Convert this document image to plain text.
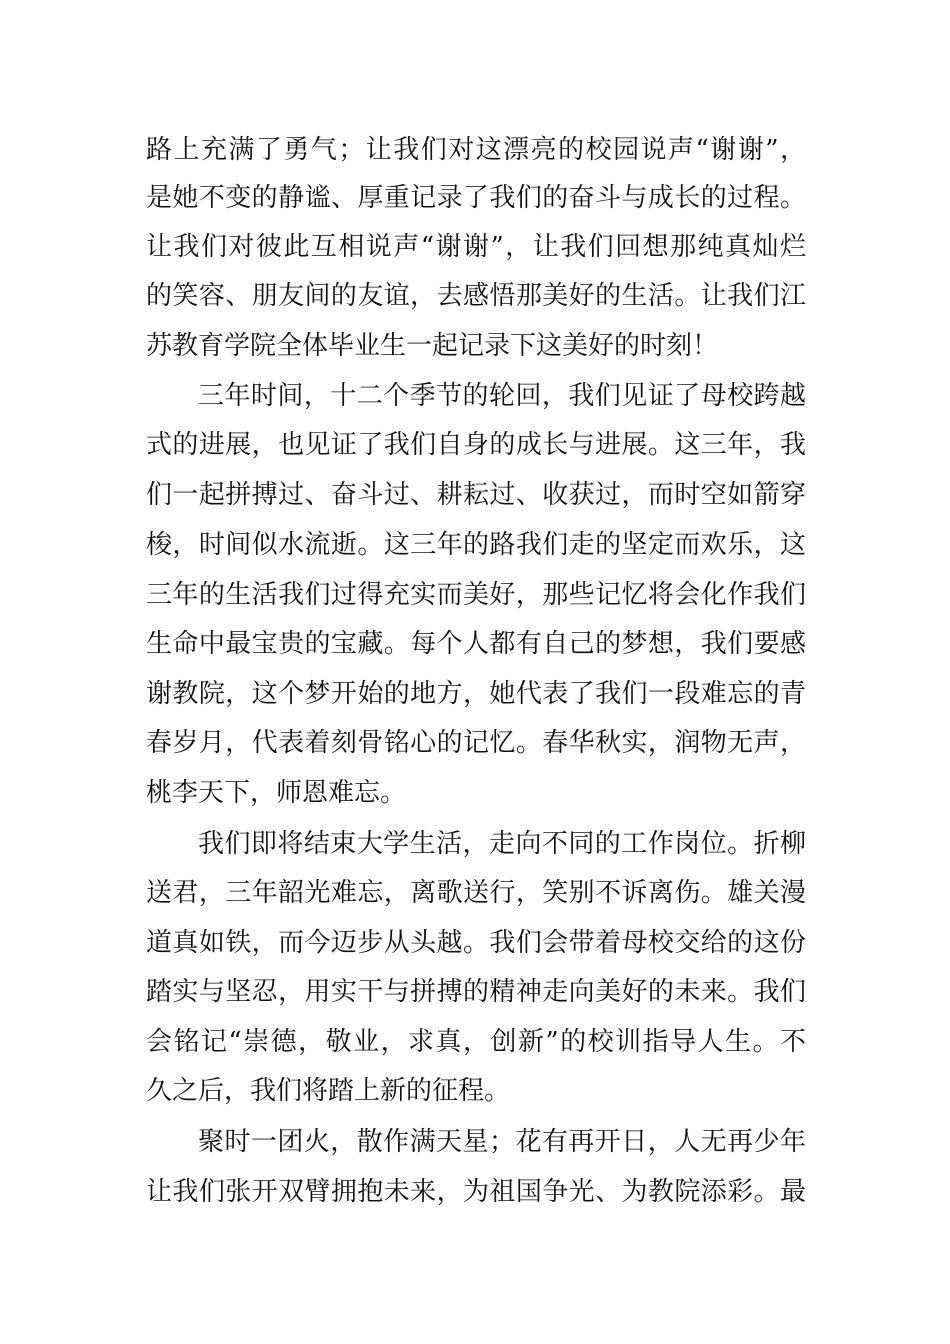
路上充满了勇气；让我们对这漂亮的校园说声“谢谢”，
是她不变的静谧、厚重记录了我们的奋斗与成长的过程。
让我们对彼此互相说声“谢谢”，让我们回想那纯真灿烂
的笑容、朋友间的友谊，去感悟那美好的生活。让我们江
苏教育学院全体毕业生一起记录下这美好的时刻！
三年时间，十二个季节的轮回，我们见证了母校跨越
式的进展，也见证了我们自身的成长与进展。这三年，我
们一起拼搏过、奋斗过、耕耘过、收获过，而时空如箭穿
梭，时间似水流逝。这三年的路我们走的坚定而欢乐，这
三年的生活我们过得充实而美好，那些记忆将会化作我们
生命中最宝贵的宝藏。每个人都有自己的梦想，我们要感
谢教院，这个梦开始的地方，她代表了我们一段难忘的青
春岁月，代表着刻骨铭心的记忆。春华秋实，润物无声，
桃李天下，师恩难忘。
我们即将结束大学生活，走向不同的工作岗位。折柳
送君，三年韶光难忘，离歌送行，笑别不诉离伤。雄关漫
道真如铁，而今迈步从头越。我们会带着母校交给的这份
踏实与坚忍，用实干与拼搏的精神走向美好的未来。我们
会铭记“崇德，敬业，求真，创新”的校训指导人生。不
久之后，我们将踏上新的征程。
聚时一团火，散作满天星；花有再开日，人无再少年
让我们张开双臂拥抱未来，为祖国争光、为教院添彩。最
